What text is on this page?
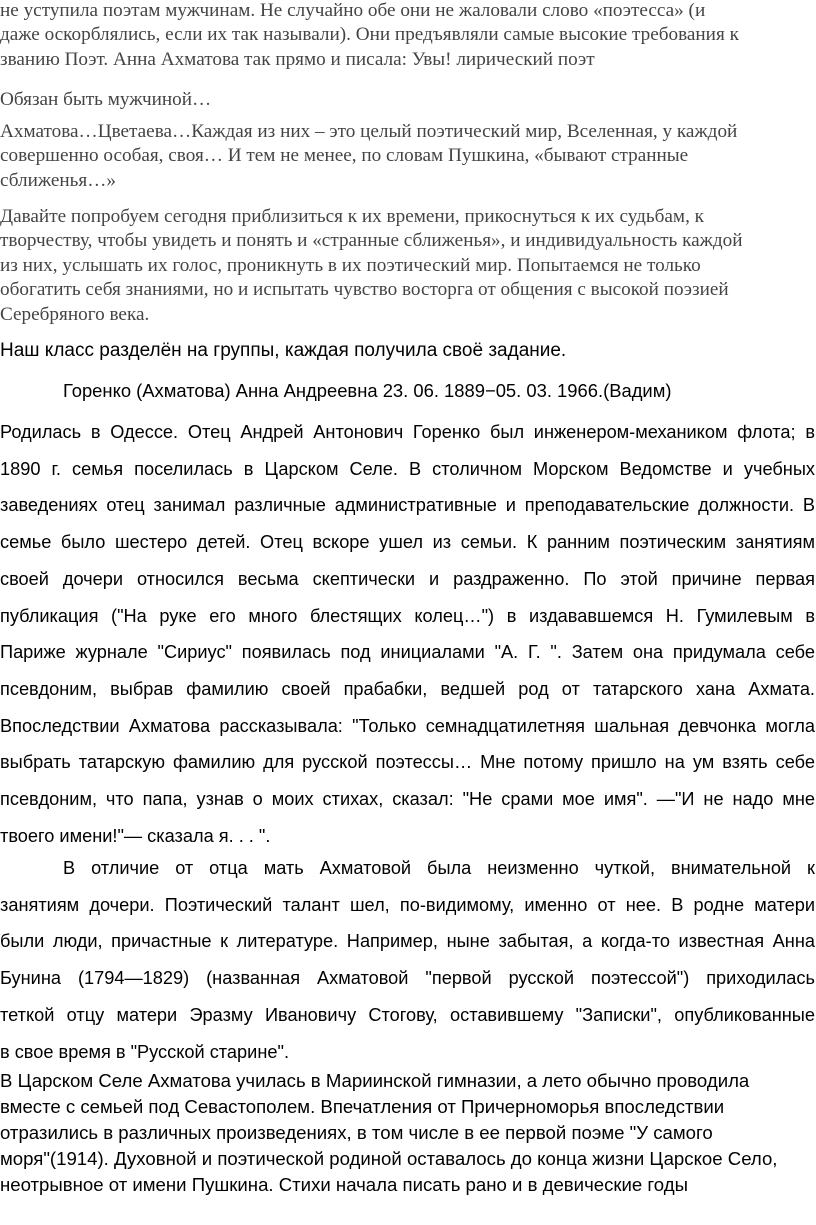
не уступила поэтам мужчинам. Не случайно обе они не жаловали слово «поэтесса» (и
даже оскорблялись, если их так называли). Они предъявляли самые высокие требования к
званию Поэт. Анна Ахматова так прямо и писала: Увы! лирический поэт
Обязан быть мужчиной…
Ахматова…Цветаева…Каждая из них – это целый поэтический мир, Вселенная, у каждой
совершенно особая, своя… И тем не менее, по словам Пушкина, «бывают странные
сближенья…»
Давайте попробуем сегодня приблизиться к их времени, прикоснуться к их судьбам, к
творчеству, чтобы увидеть и понять и «странные сближенья», и индивидуальность каждой
из них, услышать их голос, проникнуть в их поэтический мир. Попытаемся не только
обогатить себя знаниями, но и испытать чувство восторга от общения с высокой поэзией
Серебряного века.
Наш класс разделён на группы, каждая получила своё задание.
Горенко (Ахматова) Анна Андреевна 23. 06. 1889−05. 03. 1966.(Вадим)
Родилась в Одессе. Отец Андрей Антонович Горенко был инженером-механиком флота; в
1890 г. семья поселилась в Царском Селе. В столичном Морском Ведомстве и учебных
заведениях отец занимал различные административные и преподавательские должности. В
семье было шестеро детей. Отец вскоре ушел из семьи. К ранним поэтическим занятиям
своей дочери относился весьма скептически и раздраженно. По этой причине первая
публикация ("На руке его много блестящих колец…") в издававшемся Н. Гумилевым в
Париже журнале "Сириус" появилась под инициалами "А. Г. ". Затем она придумала себе
псевдоним, выбрав фамилию своей прабабки, ведшей род от татарского хана Ахмата.
Впоследствии Ахматова рассказывала: "Только семнадцатилетняя шальная девчонка могла
выбрать татарскую фамилию для русской поэтессы… Мне потому пришло на ум взять себе
псевдоним, что папа, узнав о моих стихах, сказал: "Не срами мое имя". —"И не надо мне
твоего имени!"— сказала я. . . ".
В отличие от отца мать Ахматовой была неизменно чуткой, внимательной к
занятиям дочери. Поэтический талант шел, по-видимому, именно от нее. В родне матери
были люди, причастные к литературе. Например, ныне забытая, а когда-то известная Анна
Бунина (1794—1829) (названная Ахматовой "первой русской поэтессой") приходилась
теткой отцу матери Эразму Ивановичу Стогову, оставившему "Записки", опубликованные
в свое время в "Русской старине".
В Царском Селе Ахматова училась в Мариинской гимназии, а лето обычно проводила
вместе с семьей под Севастополем. Впечатления от Причерноморья впоследствии
отразились в различных произведениях, в том числе в ее первой поэме "У самого
моря"(1914). Духовной и поэтической родиной оставалось до конца жизни Царское Село,
неотрывное от имени Пушкина. Стихи начала писать рано и в девические годы
